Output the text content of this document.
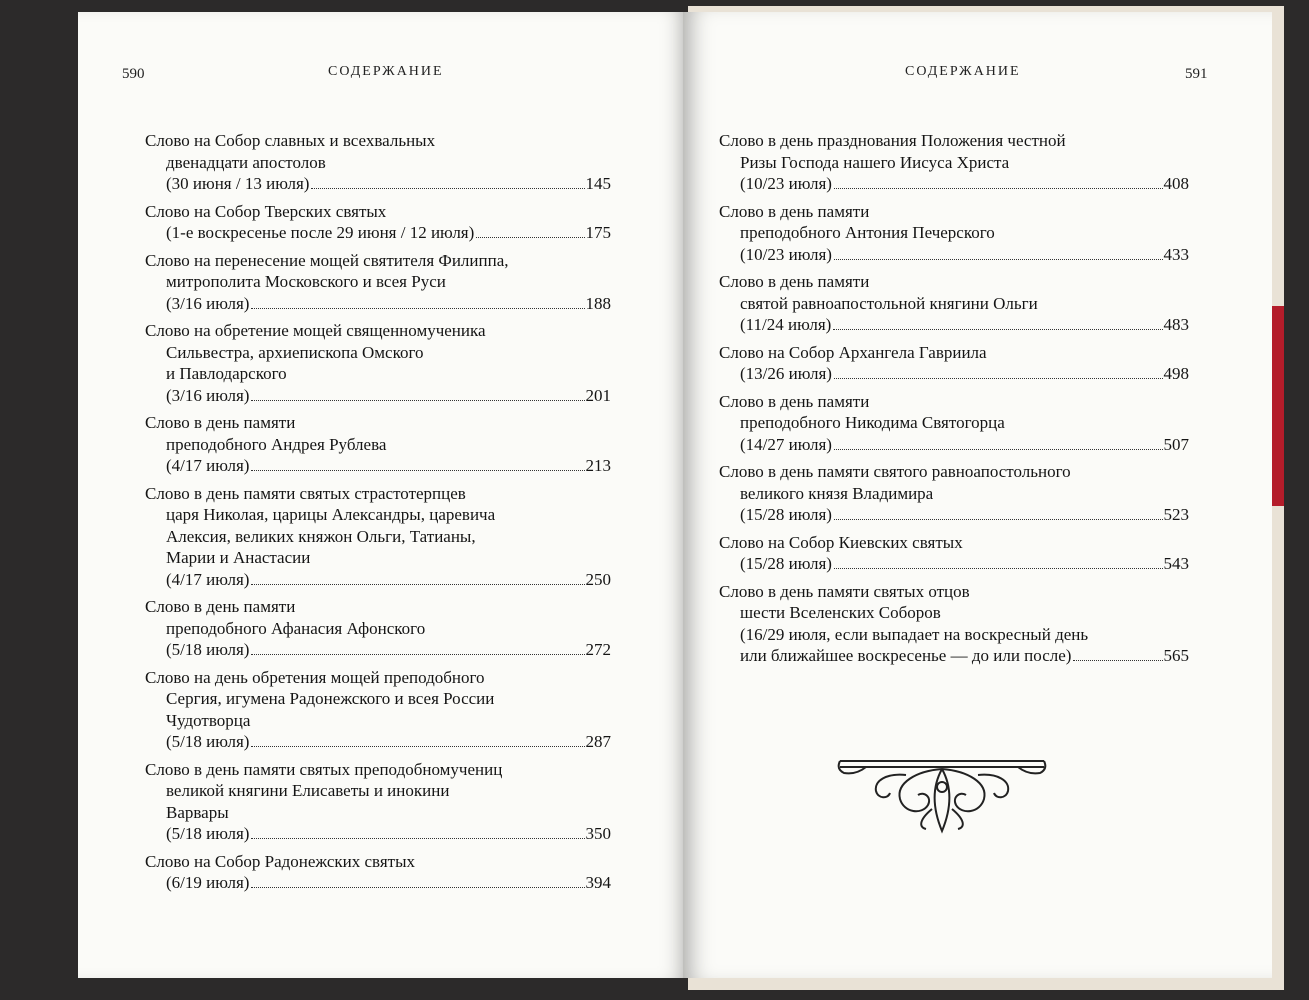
590	СОДЕРЖАНИЕ
Слово на Собор славных и всехвальных
двенадцати апостолов
(30 июня / 13 июля)	145
Слово на Собор Тверских святых
(1-е воскресенье после 29 июня / 12 июля)	175
Слово на перенесение мощей святителя Филиппа,
митрополита Московского и всея Руси
(3/16 июля)	188
Слово на обретение мощей священномученика
Сильвестра, архиепископа Омского
и Павлодарского
(3/16 июля)	201
Слово в день памяти
преподобного Андрея Рублева
(4/17 июля)	213
Слово в день памяти святых страстотерпцев
царя Николая, царицы Александры, царевича
Алексия, великих княжон Ольги, Татианы,
Марии и Анастасии
(4/17 июля)	250
Слово в день памяти
преподобного Афанасия Афонского
(5/18 июля)	272
Слово на день обретения мощей преподобного
Сергия, игумена Радонежского и всея России
Чудотворца
(5/18 июля)	287
Слово в день памяти святых преподобномучениц
великой княгини Елисаветы и инокини
Варвары
(5/18 июля)	350
Слово на Собор Радонежских святых
(6/19 июля)	394
СОДЕРЖАНИЕ	591
Слово в день празднования Положения честной
Ризы Господа нашего Иисуса Христа
(10/23 июля)	408
Слово в день памяти
преподобного Антония Печерского
(10/23 июля)	433
Слово в день памяти
святой равноапостольной княгини Ольги
(11/24 июля)	483
Слово на Собор Архангела Гавриила
(13/26 июля)	498
Слово в день памяти
преподобного Никодима Святогорца
(14/27 июля)	507
Слово в день памяти святого равноапостольного
великого князя Владимира
(15/28 июля)	523
Слово на Собор Киевских святых
(15/28 июля)	543
Слово в день памяти святых отцов
шести Вселенских Соборов
(16/29 июля, если выпадает на воскресный день
или ближайшее воскресенье — до или после)	565
